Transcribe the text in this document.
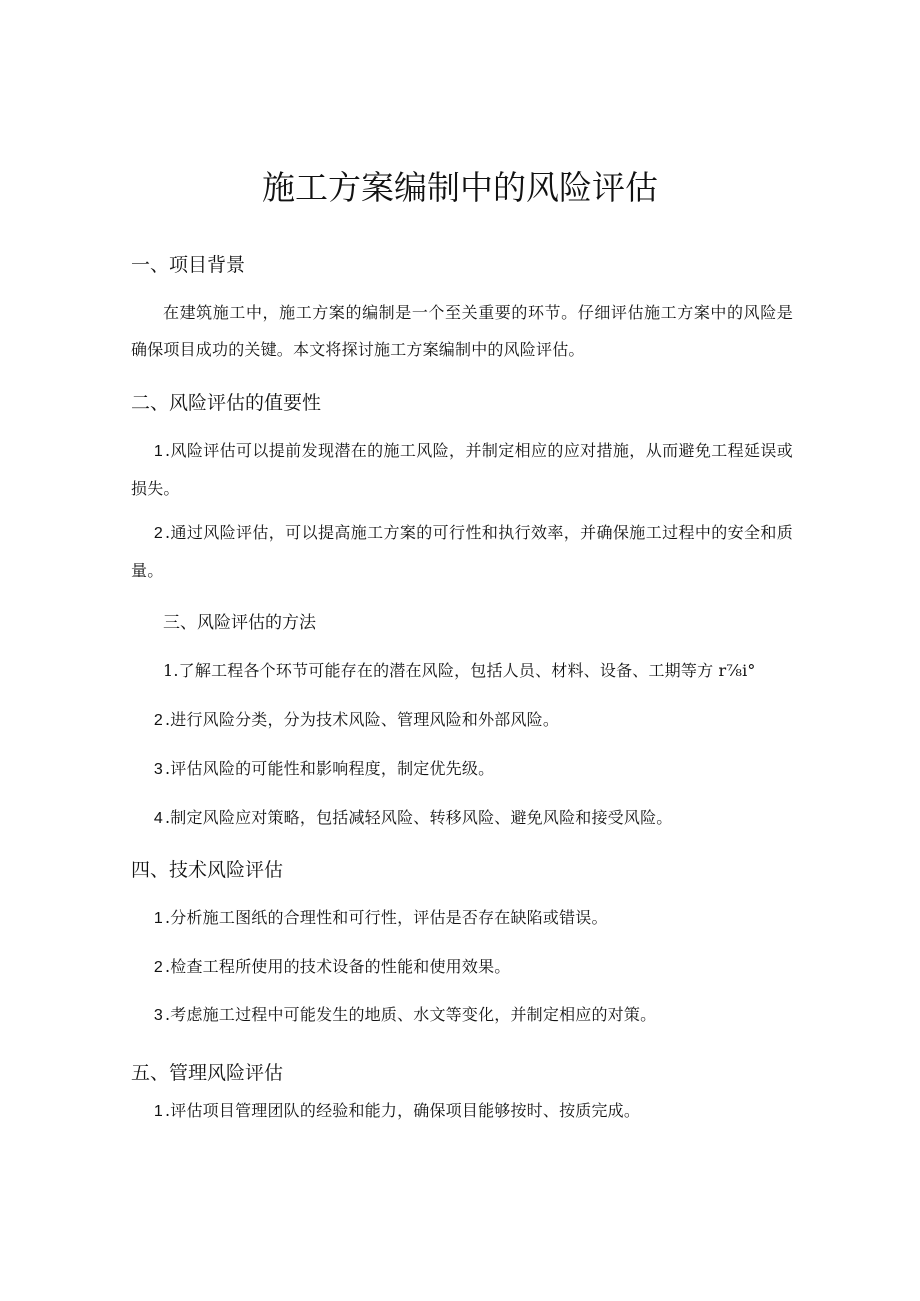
施工方案编制中的风险评估
一、项目背景
在建筑施工中，施工方案的编制是一个至关重要的环节。仔细评估施工方案中的风险是确保项目成功的关键。本文将探讨施工方案编制中的风险评估。
二、风险评估的值要性
1 .风险评估可以提前发现潜在的施工风险，并制定相应的应对措施，从而避免工程延误或损失。
2 .通过风险评估，可以提高施工方案的可行性和执行效率，并确保施工过程中的安全和质量。
三、风险评估的方法
1.了解工程各个环节可能存在的潜在风险，包括人员、材料、设备、工期等方 r⅞i°
2 .进行风险分类，分为技术风险、管理风险和外部风险。
3 .评估风险的可能性和影响程度，制定优先级。
4 .制定风险应对策略，包括减轻风险、转移风险、避免风险和接受风险。
四、技术风险评估
1 .分析施工图纸的合理性和可行性，评估是否存在缺陷或错误。
2 .检查工程所使用的技术设备的性能和使用效果。
3 .考虑施工过程中可能发生的地质、水文等变化，并制定相应的对策。
五、管理风险评估
1 .评估项目管理团队的经验和能力，确保项目能够按时、按质完成。
